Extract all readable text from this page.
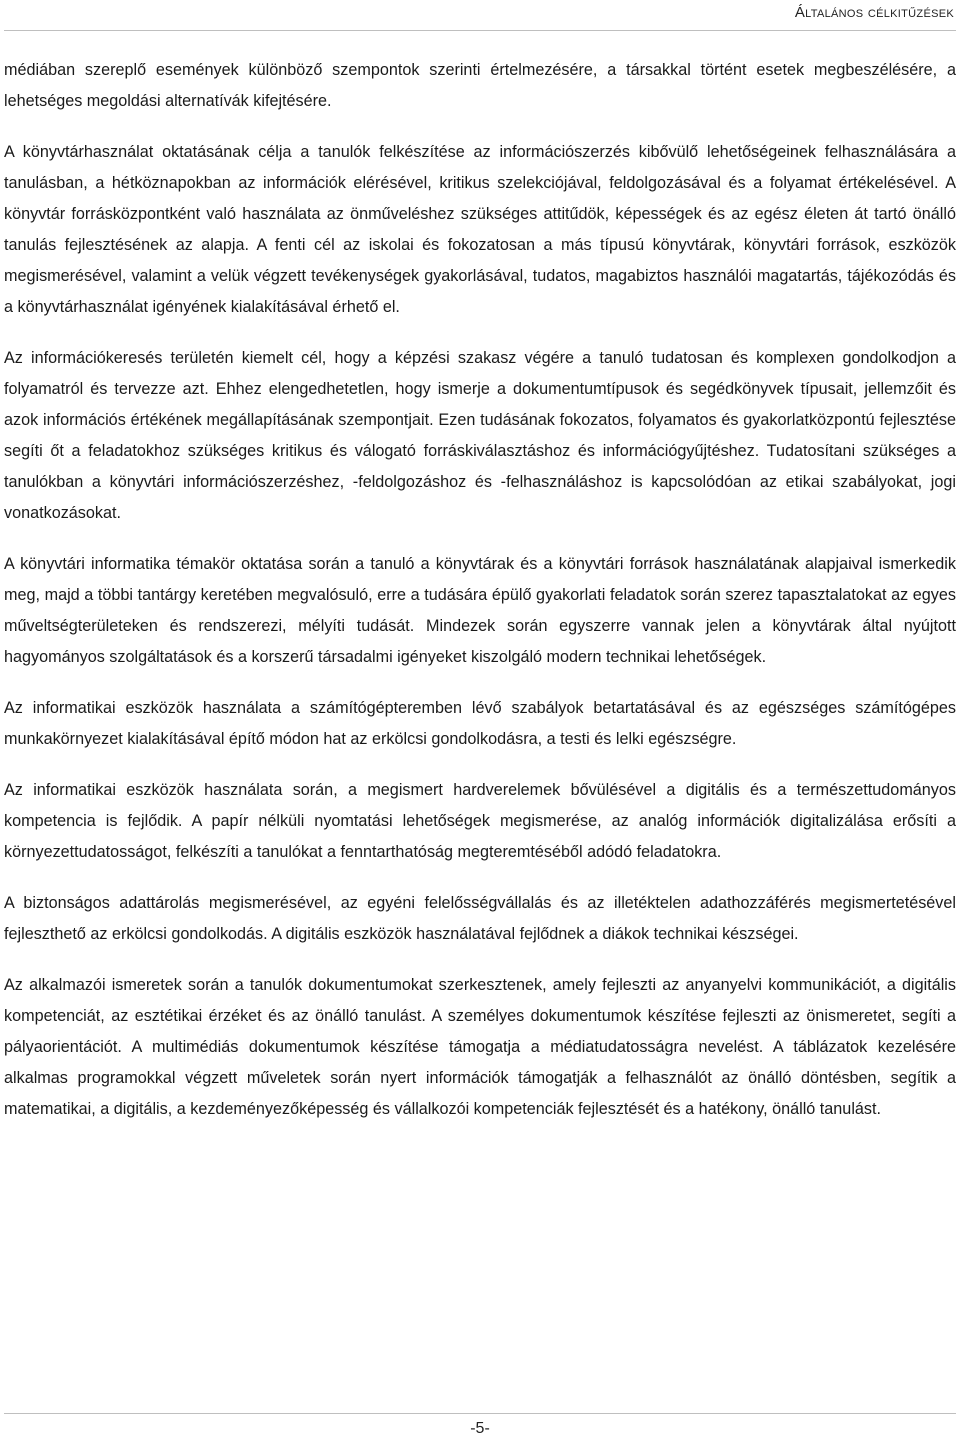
Általános célkitűzések

médiában szereplő események különböző szempontok szerinti értelmezésére, a társakkal történt esetek megbeszélésére, a lehetséges megoldási alternatívák kifejtésére.

A könyvtárhasználat oktatásának célja a tanulók felkészítése az információszerzés kibővülő lehetőségeinek felhasználására a tanulásban, a hétköznapokban az információk elérésével, kritikus szelekciójával, feldolgozásával és a folyamat értékelésével. A könyvtár forrásközpontként való használata az önműveléshez szükséges attitűdök, képességek és az egész életen át tartó önálló tanulás fejlesztésének az alapja. A fenti cél az iskolai és fokozatosan a más típusú könyvtárak, könyvtári források, eszközök megismerésével, valamint a velük végzett tevékenységek gyakorlásával, tudatos, magabiztos használói magatartás, tájékozódás és a könyvtárhasználat igényének kialakításával érhető el.

Az információkeresés területén kiemelt cél, hogy a képzési szakasz végére a tanuló tudatosan és komplexen gondolkodjon a folyamatról és tervezze azt. Ehhez elengedhetetlen, hogy ismerje a dokumentumtípusok és segédkönyvek típusait, jellemzőit és azok információs értékének megállapításának szempontjait. Ezen tudásának fokozatos, folyamatos és gyakorlatközpontú fejlesztése segíti őt a feladatokhoz szükséges kritikus és válogató forráskiválasztáshoz és információgyűjtéshez. Tudatosítani szükséges a tanulókban a könyvtári információszerzéshez, -feldolgozáshoz és -felhasználáshoz is kapcsolódóan az etikai szabályokat, jogi vonatkozásokat.

A könyvtári informatika témakör oktatása során a tanuló a könyvtárak és a könyvtári források használatának alapjaival ismerkedik meg, majd a többi tantárgy keretében megvalósuló, erre a tudására épülő gyakorlati feladatok során szerez tapasztalatokat az egyes műveltségterületeken és rendszerezi, mélyíti tudását. Mindezek során egyszerre vannak jelen a könyvtárak által nyújtott hagyományos szolgáltatások és a korszerű társadalmi igényeket kiszolgáló modern technikai lehetőségek.

Az informatikai eszközök használata a számítógépteremben lévő szabályok betartatásával és az egészséges számítógépes munkakörnyezet kialakításával építő módon hat az erkölcsi gondolkodásra, a testi és lelki egészségre.

Az informatikai eszközök használata során, a megismert hardverelemek bővülésével a digitális és a természettudományos kompetencia is fejlődik. A papír nélküli nyomtatási lehetőségek megismerése, az analóg információk digitalizálása erősíti a környezettudatosságot, felkészíti a tanulókat a fenntarthatóság megteremtéséből adódó feladatokra.

A biztonságos adattárolás megismerésével, az egyéni felelősségvállalás és az illetéktelen adathozzáférés megismertetésével fejleszthető az erkölcsi gondolkodás. A digitális eszközök használatával fejlődnek a diákok technikai készségei.

Az alkalmazói ismeretek során a tanulók dokumentumokat szerkesztenek, amely fejleszti az anyanyelvi kommunikációt, a digitális kompetenciát, az esztétikai érzéket és az önálló tanulást. A személyes dokumentumok készítése fejleszti az önismeretet, segíti a pályaorientációt. A multimédiás dokumentumok készítése támogatja a médiatudatosságra nevelést. A táblázatok kezelésére alkalmas programokkal végzett műveletek során nyert információk támogatják a felhasználót az önálló döntésben, segítik a matematikai, a digitális, a kezdeményezőképesség és vállalkozói kompetenciák fejlesztését és a hatékony, önálló tanulást.

-5-
